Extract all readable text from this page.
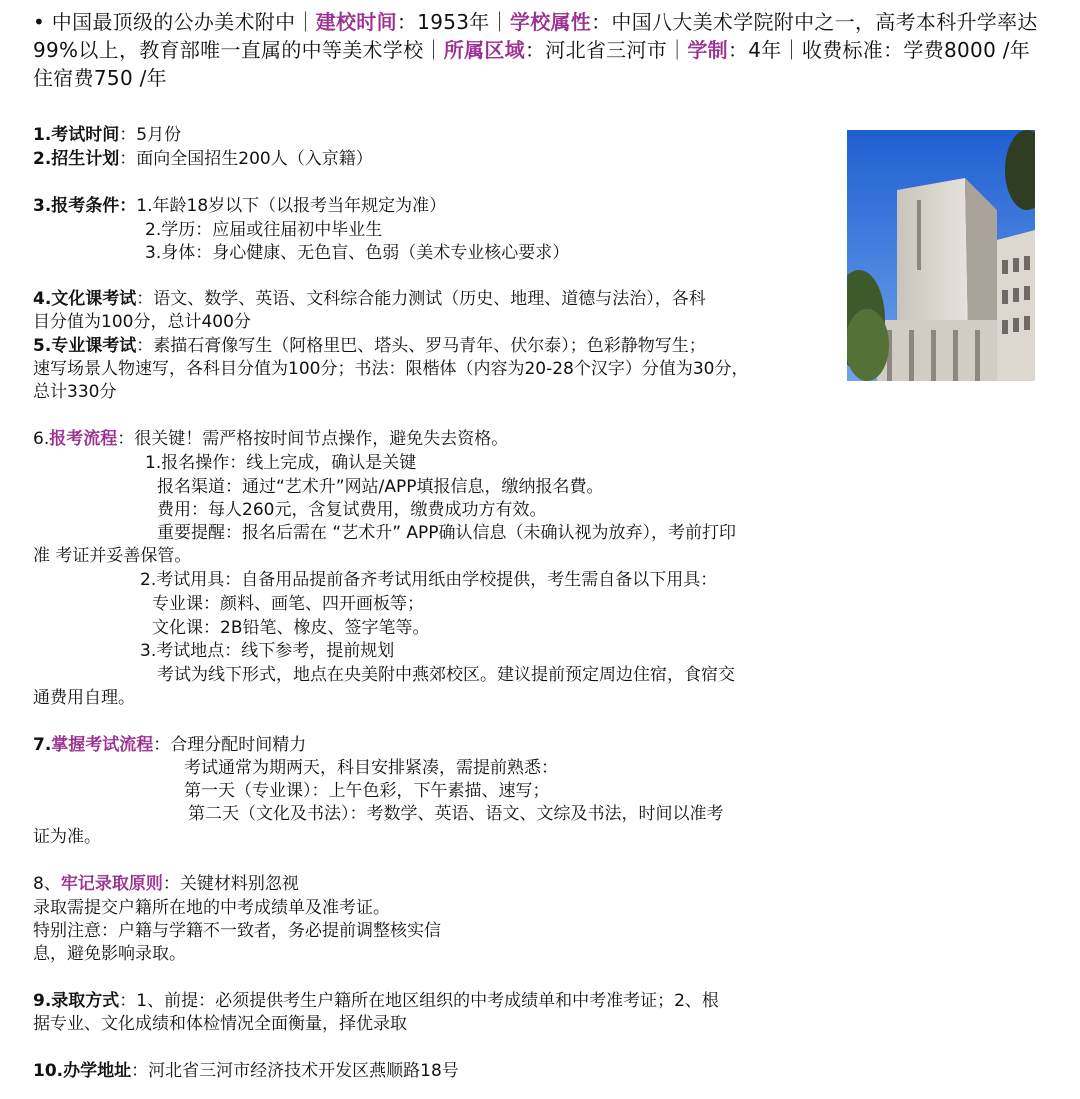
• 中国最顶级的公办美术附中｜建校时间：1953年｜学校属性：中国八大美术学院附中之一，高考本科升学率达99%以上，教育部唯一直属的中等美术学校｜所属区域：河北省三河市｜学制：4年｜收费标准：学费8000 /年 住宿费750 /年
1.考试时间：5月份
2.招生计划：面向全国招生200人（入京籍）
3.报考条件：1.年龄18岁以下（以报考当年规定为准）
2.学历：应届或往届初中毕业生
3.身体：身心健康、无色盲、色弱（美术专业核心要求）
4.文化课考试：语文、数学、英语、文科综合能力测试（历史、地理、道德与法治），各科
目分值为100分，总计400分
5.专业课考试：素描石膏像写生（阿格里巴、塔头、罗马青年、伏尔泰）；色彩静物写生；
速写场景人物速写，各科目分值为100分；书法：限楷体（内容为20-28个汉字）分值为30分，
总计330分
6.报考流程：很关键！需严格按时间节点操作，避免失去资格。
1.报名操作：线上完成，确认是关键
报名渠道：通过“艺术升”网站/APP填报信息，缴纳报名費。
费用：每人260元，含复试费用，缴费成功方有效。
重要提醒：报名后需在 “艺术升” APP确认信息（未确认视为放弃），考前打印
准 考证并妥善保管。
2.考试用具：自备用品提前备齐考试用纸由学校提供，考生需自备以下用具：
专业课：颜料、画笔、四开画板等；
文化课：2B铅笔、橡皮、签字笔等。
3.考试地点：线下参考，提前规划
考试为线下形式，地点在央美附中燕郊校区。建议提前预定周边住宿，食宿交
通费用自理。
7.掌握考试流程：合理分配时间精力
考试通常为期两天，科目安排紧凑，需提前熟悉：
第一天（专业课）：上午色彩，下午素描、速写；
第二天（文化及书法）：考数学、英语、语文、文综及书法，时间以准考
证为准。
8、牢记录取原则：关键材料别忽视
录取需提交户籍所在地的中考成绩单及准考证。
特别注意：户籍与学籍不一致者，务必提前调整核实信
息，避免影响录取。
9.录取方式：1、前提：必须提供考生户籍所在地区组织的中考成绩单和中考准考证；2、根
据专业、文化成绩和体检情况全面衡量，择优录取
10.办学地址：河北省三河市经济技术开发区燕顺路18号
